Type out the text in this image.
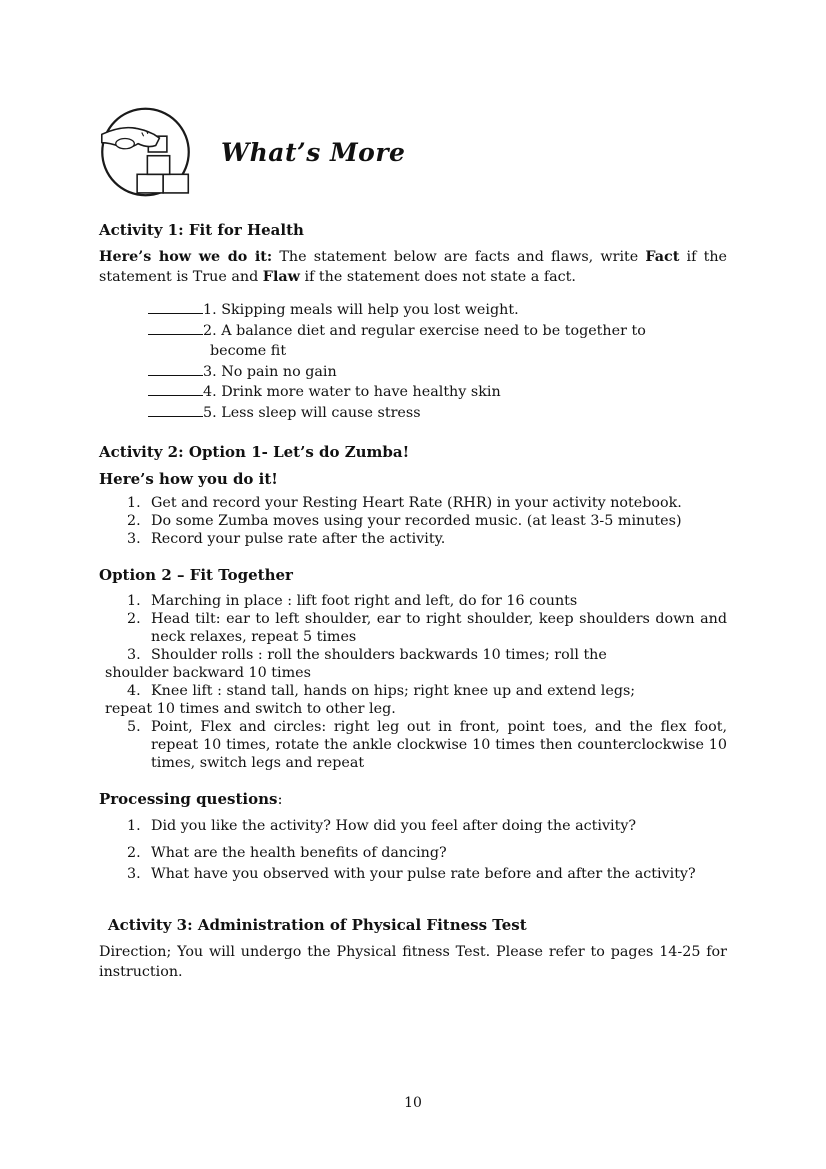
What’s More
Activity 1: Fit for Health

Here’s how we do it: The statement below are facts and flaws, write Fact if the statement is True and Flaw if the statement does not state a fact.

1. Skipping meals will help you lost weight.
2. A balance diet and regular exercise need to be together to
become fit
3. No pain no gain
4. Drink more water to have healthy skin
5. Less sleep will cause stress
Activity 2: Option 1- Let’s do Zumba!
Here’s how you do it!
1. Get and record your Resting Heart Rate (RHR) in your activity notebook.
2. Do some Zumba moves using your recorded music. (at least 3-5 minutes)
3. Record your pulse rate after the activity.
Option 2 – Fit Together
1. Marching in place : lift foot right and left, do for 16 counts
2. Head tilt: ear to left shoulder, ear to right shoulder, keep shoulders down and neck relaxes, repeat 5 times
3. Shoulder rolls : roll the shoulders backwards 10 times; roll the
shoulder backward 10 times
4. Knee lift : stand tall, hands on hips; right knee up and extend legs;
repeat 10 times and switch to other leg.
5. Point, Flex and circles: right leg out in front, point toes, and the flex foot, repeat 10 times, rotate the ankle clockwise 10 times then counterclockwise 10 times, switch legs and repeat
Processing questions:
1. Did you like the activity? How did you feel after doing the activity?
2. What are the health benefits of dancing?
3. What have you observed with your pulse rate before and after the activity?
Activity 3: Administration of Physical Fitness Test

Direction; You will undergo the Physical fitness Test. Please refer to pages 14-25 for instruction.

10
